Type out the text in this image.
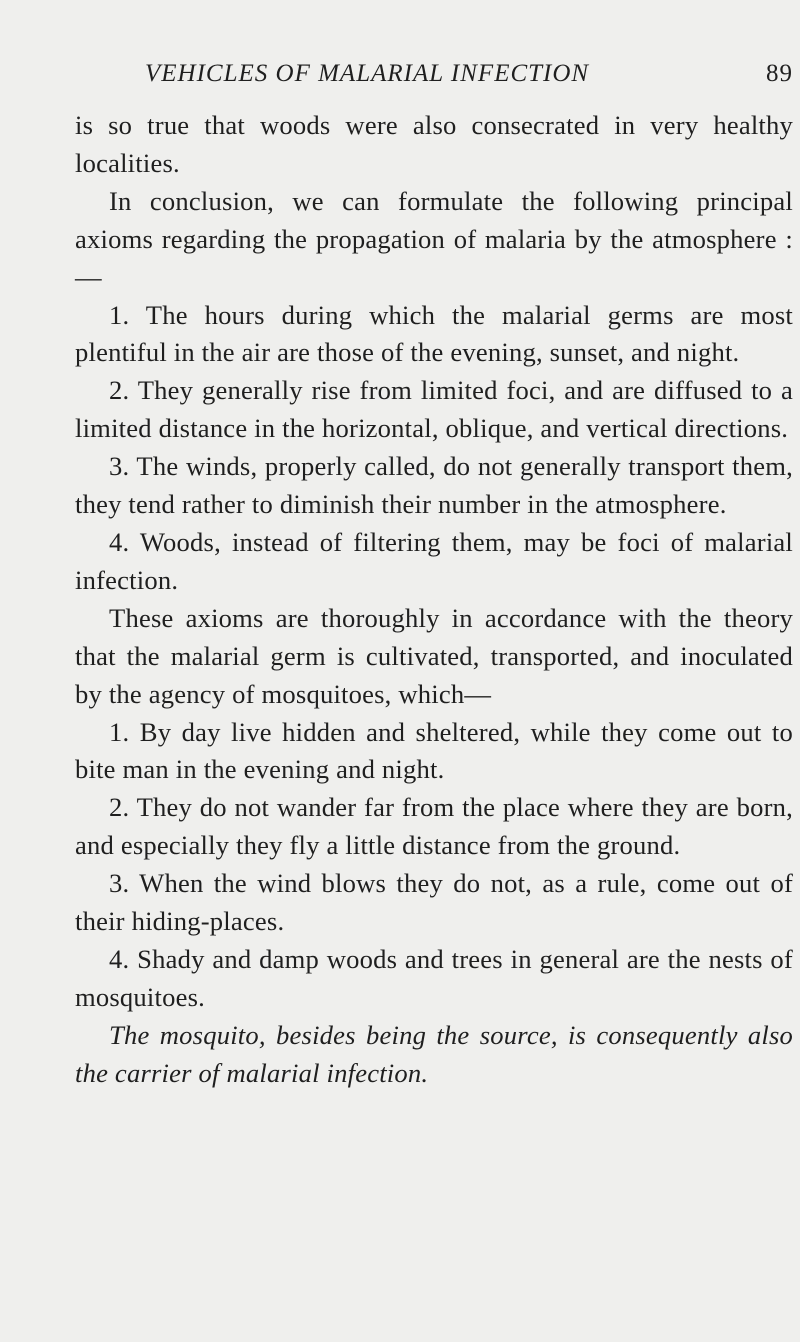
VEHICLES OF MALARIAL INFECTION	89

is so true that woods were also consecrated in very healthy localities.

In conclusion, we can formulate the following principal axioms regarding the propagation of malaria by the atmosphere :—

1. The hours during which the malarial germs are most plentiful in the air are those of the evening, sunset, and night.

2. They generally rise from limited foci, and are diffused to a limited distance in the horizontal, oblique, and vertical directions.

3. The winds, properly called, do not generally transport them, they tend rather to diminish their number in the atmosphere.

4. Woods, instead of filtering them, may be foci of malarial infection.

These axioms are thoroughly in accordance with the theory that the malarial germ is cultivated, transported, and inoculated by the agency of mosquitoes, which—

1. By day live hidden and sheltered, while they come out to bite man in the evening and night.

2. They do not wander far from the place where they are born, and especially they fly a little distance from the ground.

3. When the wind blows they do not, as a rule, come out of their hiding-places.

4. Shady and damp woods and trees in general are the nests of mosquitoes.

The mosquito, besides being the source, is consequently also the carrier of malarial infection.
